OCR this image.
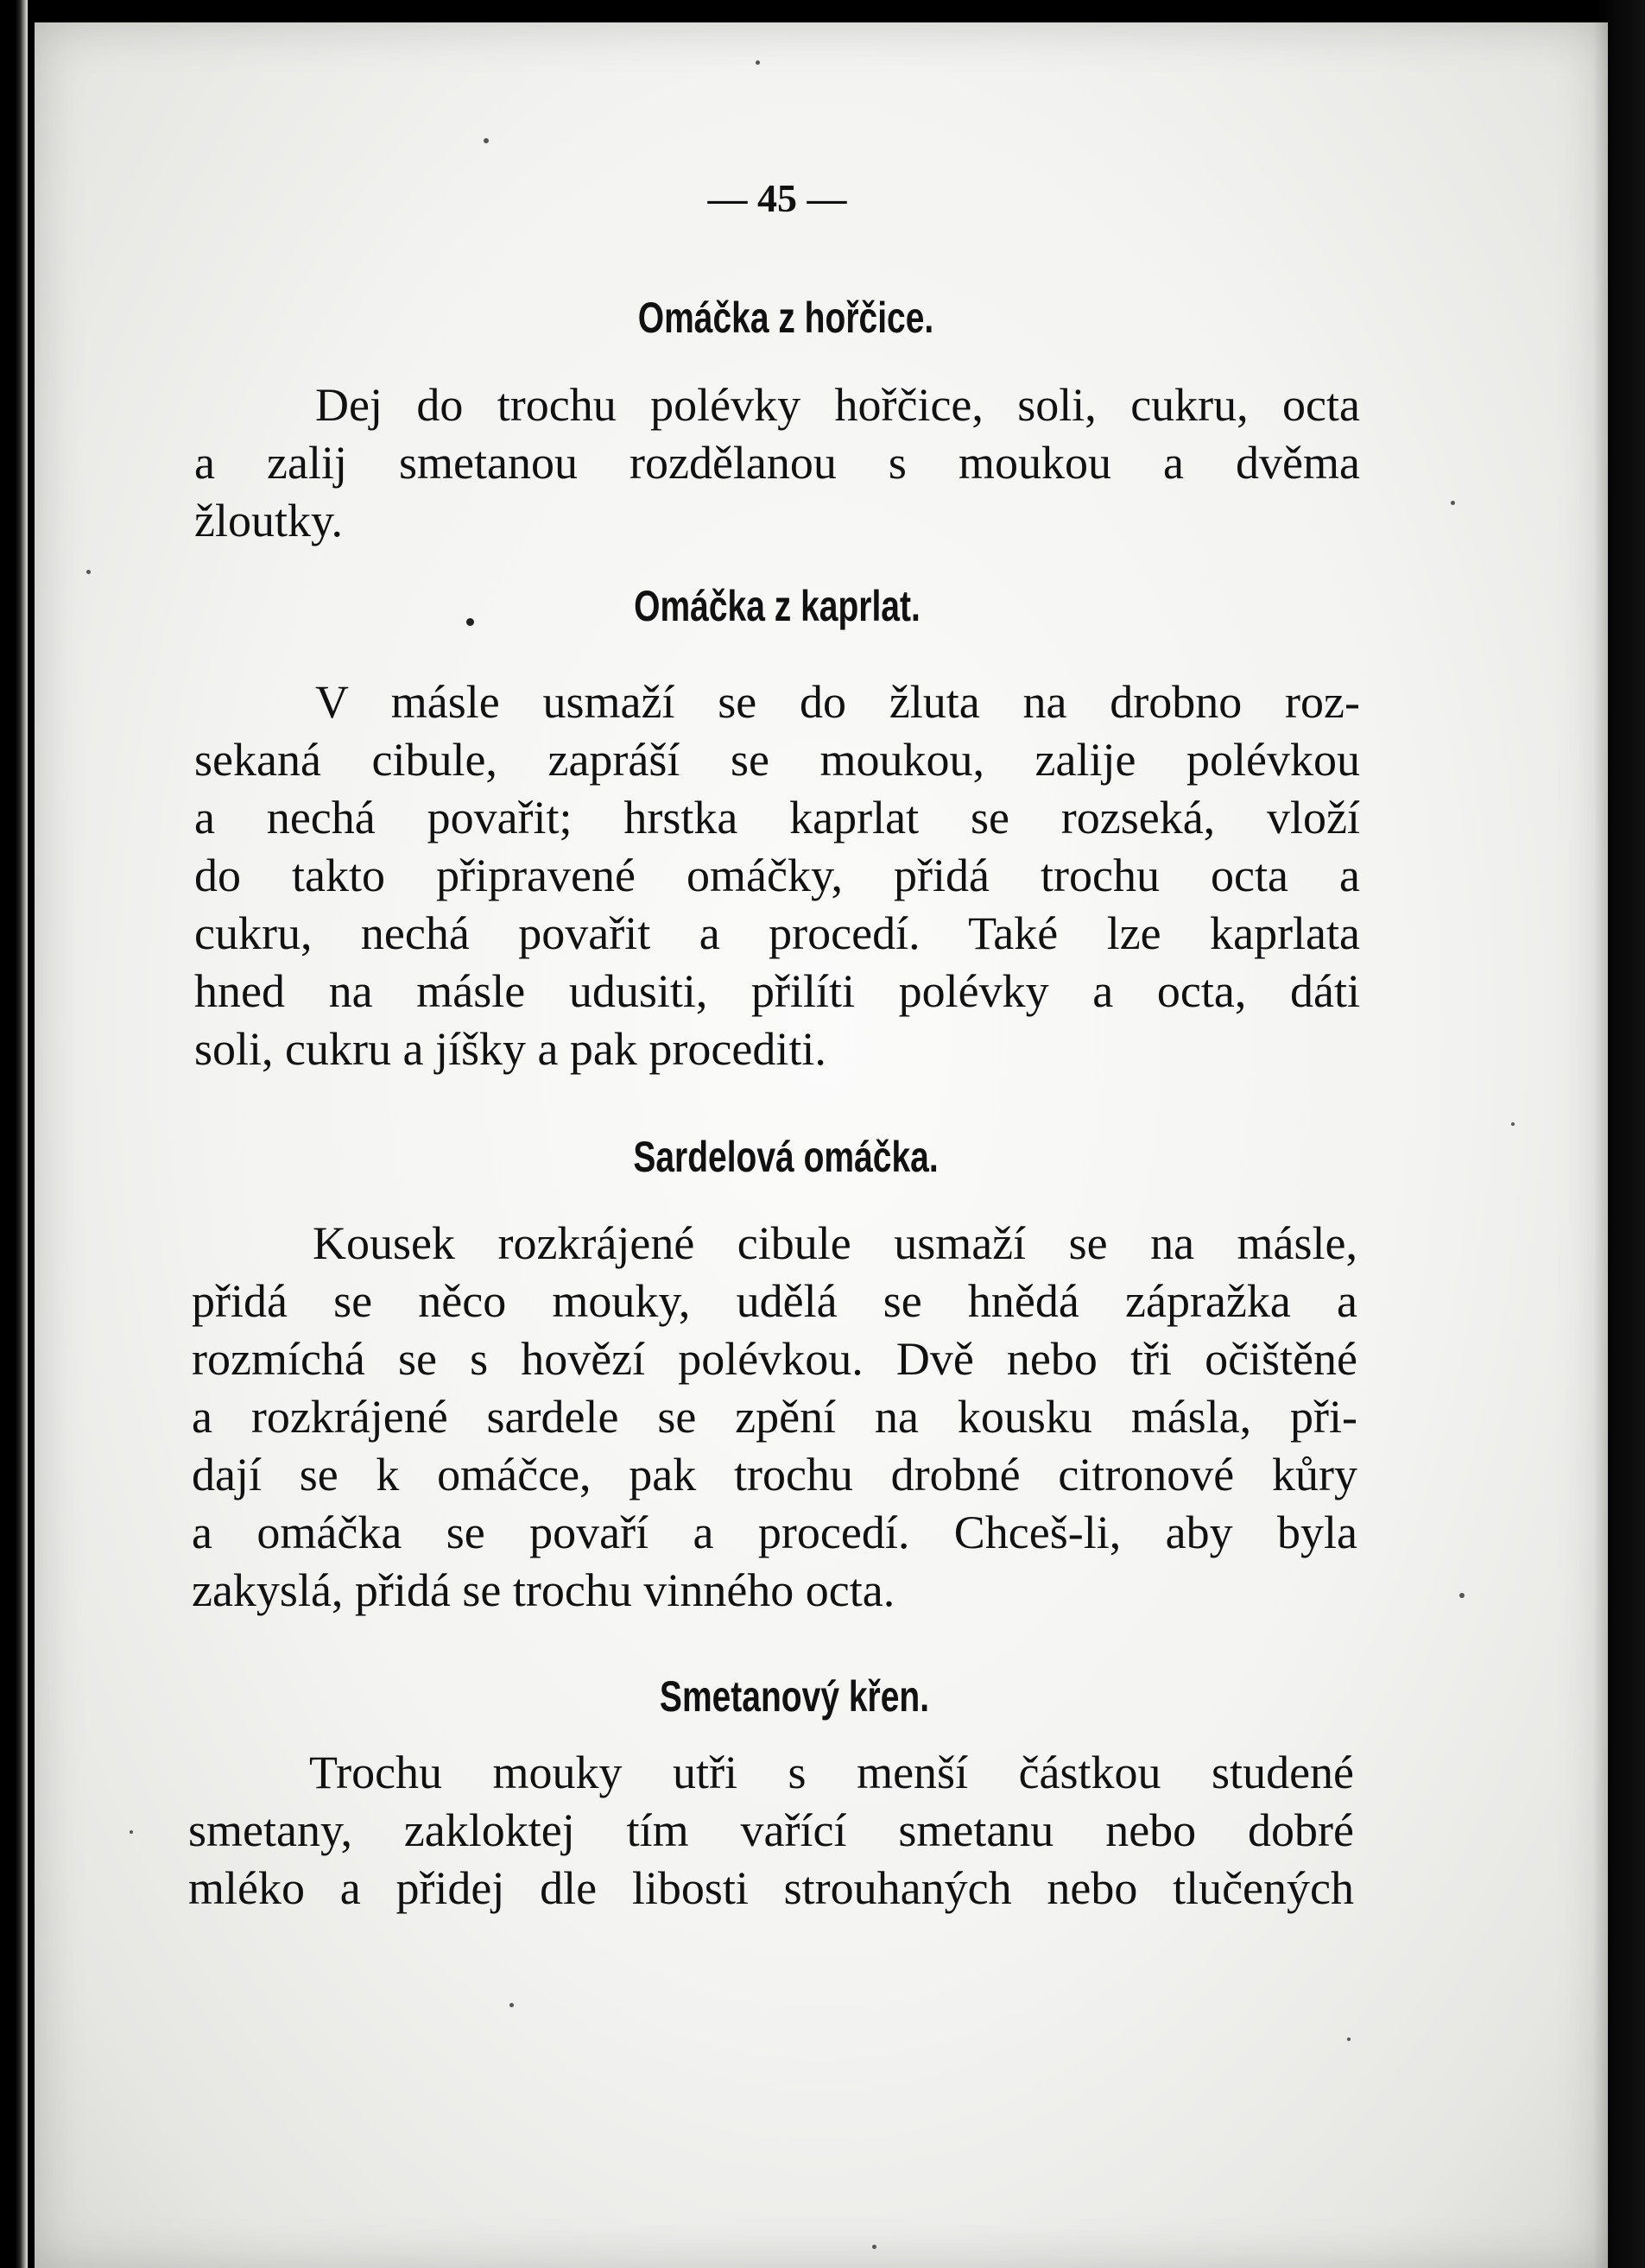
— 45 —
Omáčka z hořčice.
Dej do trochu polévky hořčice, soli, cukru, octa
a zalij smetanou rozdělanou s moukou a dvěma
žloutky.
Omáčka z kaprlat.
V másle usmaží se do žluta na drobno roz-
sekaná cibule, zapráší se moukou, zalije polévkou
a nechá povařit; hrstka kaprlat se rozseká, vloží
do takto připravené omáčky, přidá trochu octa a
cukru, nechá povařit a procedí. Také lze kaprlata
hned na másle udusiti, přilíti polévky a octa, dáti
soli, cukru a jíšky a pak procediti.
Sardelová omáčka.
Kousek rozkrájené cibule usmaží se na másle,
přidá se něco mouky, udělá se hnědá zápražka a
rozmíchá se s hovězí polévkou. Dvě nebo tři očištěné
a rozkrájené sardele se zpění na kousku másla, při-
dají se k omáčce, pak trochu drobné citronové kůry
a omáčka se povaří a procedí. Chceš-li, aby byla
zakyslá, přidá se trochu vinného octa.
Smetanový křen.
Trochu mouky utři s menší částkou studené
smetany, zakloktej tím vařící smetanu nebo dobré
mléko a přidej dle libosti strouhaných nebo tlučených
